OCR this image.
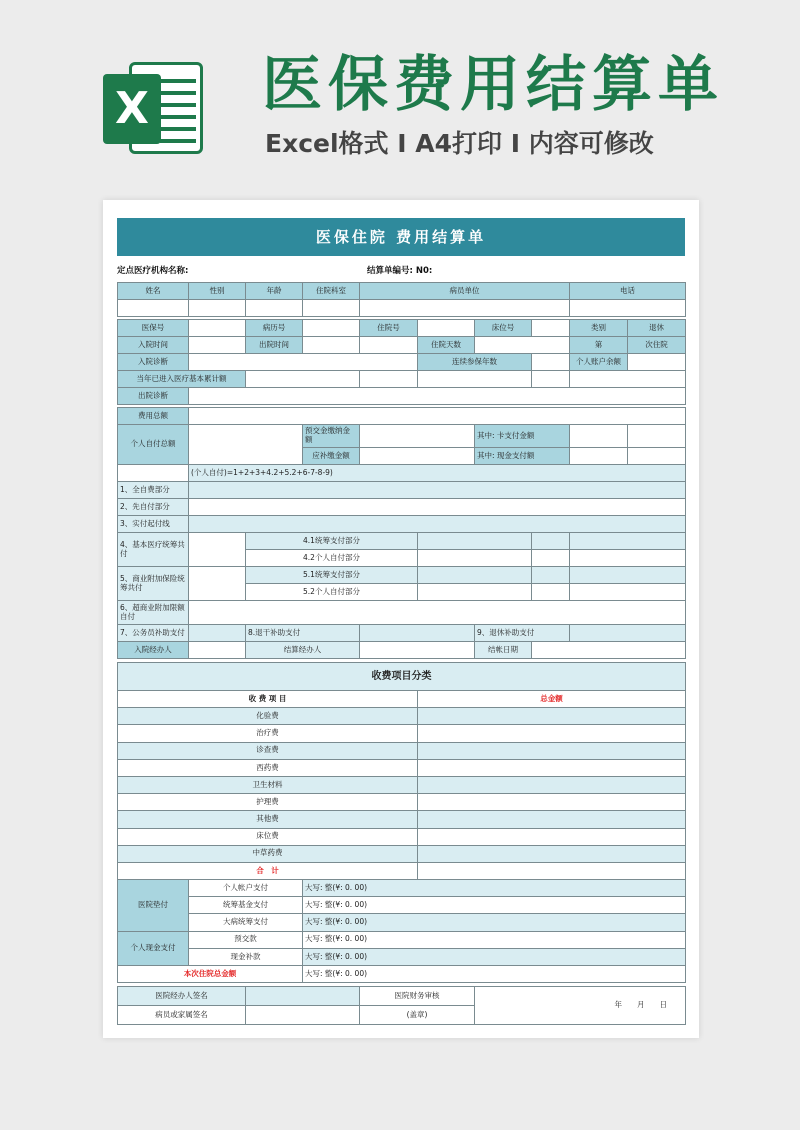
X 医保费用结算单
Excel格式 I A4打印 I 内容可修改
医保住院 费用结算单
定点医疗机构名称:	结算单编号: N0:
姓名	性别	年龄	住院科室	病员单位				电话	

医保号		病历号		住院号		床位号		类别	退休
入院时间		出院时间			住院天数			第	次住院
入院诊断					连续参保年数			个人账户余额	
当年已进入医疗基本累计额									
出院诊断									

费用总额									
个人自付总额			预交金缴纳金额			其中: 卡支付金额			
			应补缴金额			其中: 现金支付额			
	(个人自付)=1+2+3+4.2+5.2+6-7-8-9)								
1、全自费部分									
2、先自付部分									
3、实付起付线									
4、基本医疗统筹共付		4.1统筹支付部分							
		4.2个人自付部分							
5、商业附加保险统筹共付		5.1统筹支付部分							
		5.2个人自付部分							
6、超商业附加限额自付									
7、公务员补助支付		8.退干补助支付				9、退休补助支付			
入院经办人		结算经办人				结帐日期			
收费项目分类			
收 费 项 目			总金额
化验费			
治疗费			
诊查费			
西药费			
卫生材料			
护理费			
其他费			
床位费			
中草药费			
合　计			
医院垫付	个人帐户支付	大写: 整(¥: 0. 00)	
	统筹基金支付	大写: 整(¥: 0. 00)	
	大病统筹支付	大写: 整(¥: 0. 00)	
个人现金支付	预交款	大写: 整(¥: 0. 00)	
	现金补款	大写: 整(¥: 0. 00)	
本次住院总金额		大写: 整(¥: 0. 00)	
医院经办人签名		医院财务审核	年　　月　　日
病员或家属签名		(盖章)	
